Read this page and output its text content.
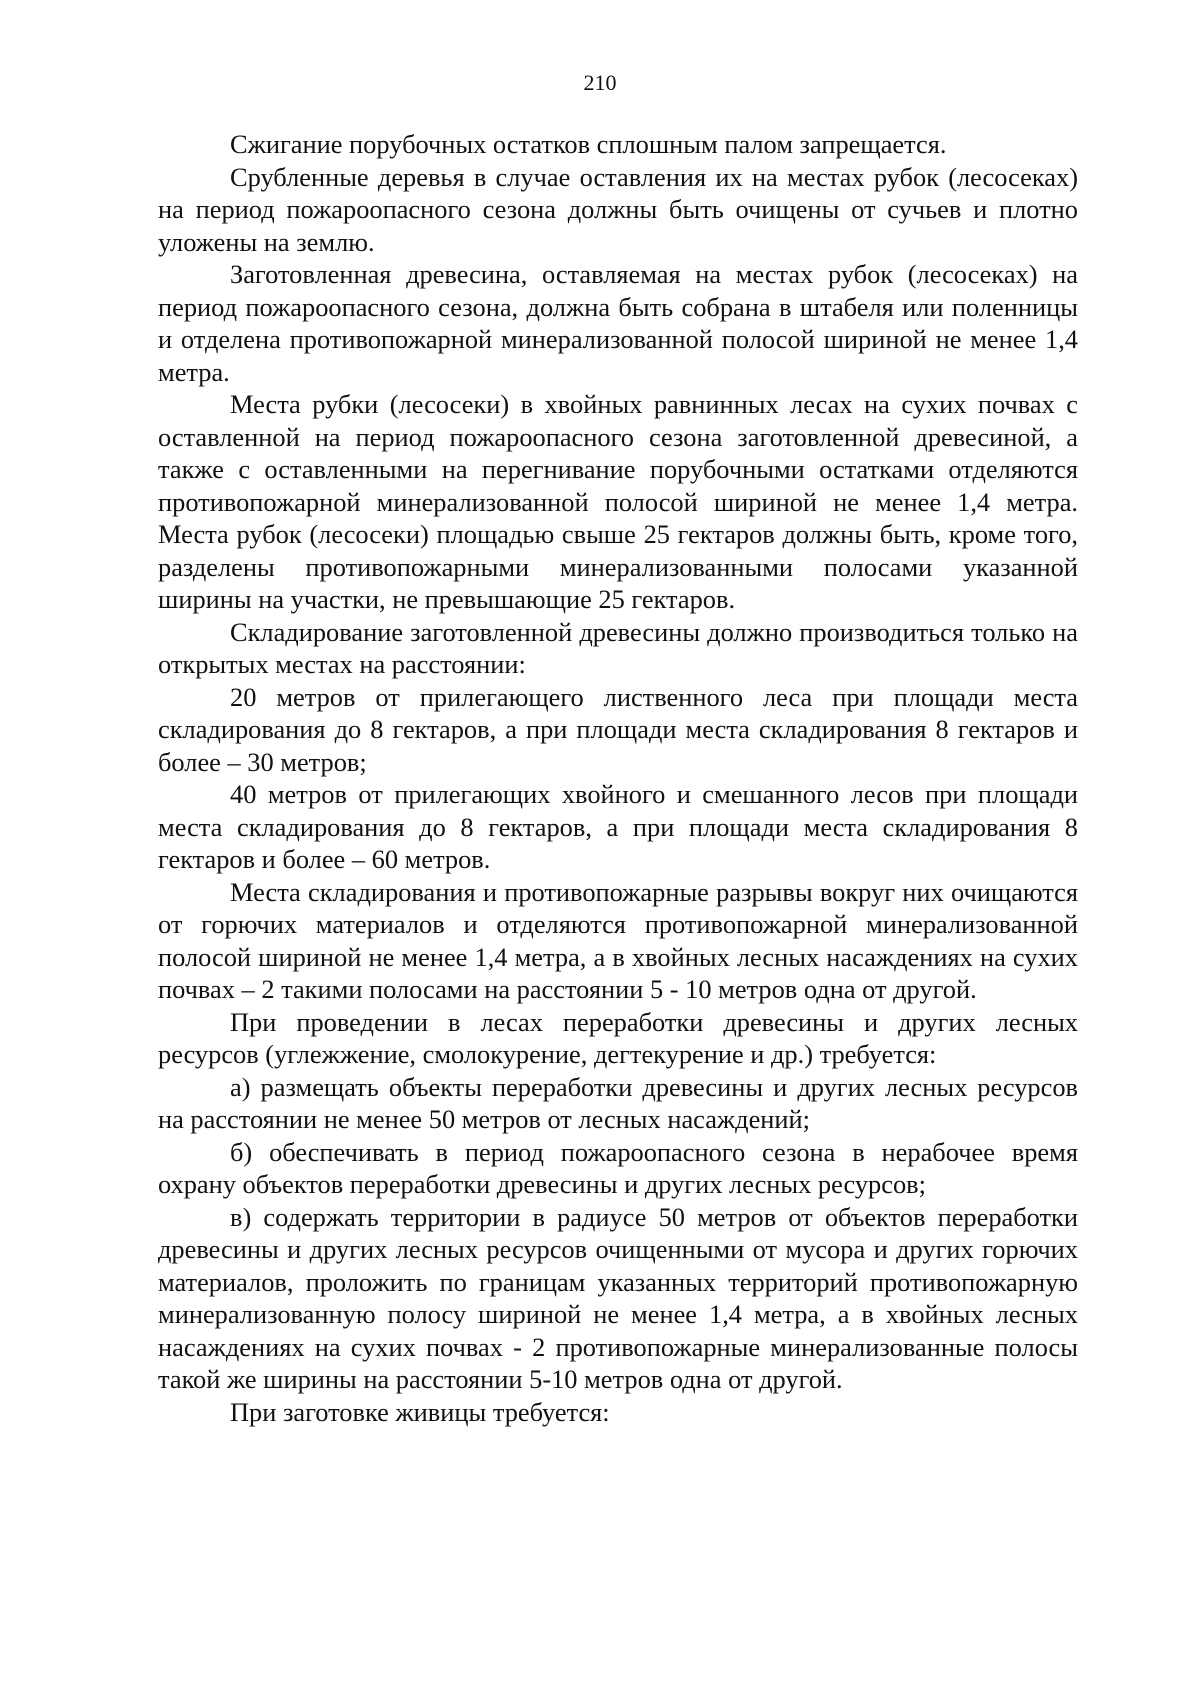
210

Сжигание порубочных остатков сплошным палом запрещается.

Срубленные деревья в случае оставления их на местах рубок (лесосеках) на период пожароопасного сезона должны быть очищены от сучьев и плотно уложены на землю.

Заготовленная древесина, оставляемая на местах рубок (лесосеках) на период пожароопасного сезона, должна быть собрана в штабеля или поленницы и отделена противопожарной минерализованной полосой шириной не менее 1,4 метра.

Места рубки (лесосеки) в хвойных равнинных лесах на сухих почвах с оставленной на период пожароопасного сезона заготовленной древесиной, а также с оставленными на перегнивание порубочными остатками отделяются противопожарной минерализованной полосой шириной не менее 1,4 метра. Места рубок (лесосеки) площадью свыше 25 гектаров должны быть, кроме того, разделены противопожарными минерализованными полосами указанной ширины на участки, не превышающие 25 гектаров.

Складирование заготовленной древесины должно производиться только на открытых местах на расстоянии:

20 метров от прилегающего лиственного леса при площади места складирования до 8 гектаров, а при площади места складирования 8 гектаров и более – 30 метров;

40 метров от прилегающих хвойного и смешанного лесов при площади места складирования до 8 гектаров, а при площади места складирования 8 гектаров и более – 60 метров.

Места складирования и противопожарные разрывы вокруг них очищаются от горючих материалов и отделяются противопожарной минерализованной полосой шириной не менее 1,4 метра, а в хвойных лесных насаждениях на сухих почвах – 2 такими полосами на расстоянии 5 - 10 метров одна от другой.

При проведении в лесах переработки древесины и других лесных ресурсов (углежжение, смолокурение, дегтекурение и др.) требуется:

а) размещать объекты переработки древесины и других лесных ресурсов на расстоянии не менее 50 метров от лесных насаждений;

б) обеспечивать в период пожароопасного сезона в нерабочее время охрану объектов переработки древесины и других лесных ресурсов;

в) содержать территории в радиусе 50 метров от объектов переработки древесины и других лесных ресурсов очищенными от мусора и других горючих материалов, проложить по границам указанных территорий противопожарную минерализованную полосу шириной не менее 1,4 метра, а в хвойных лесных насаждениях на сухих почвах - 2 противопожарные минерализованные полосы такой же ширины на расстоянии 5-10 метров одна от другой.

При заготовке живицы требуется:
